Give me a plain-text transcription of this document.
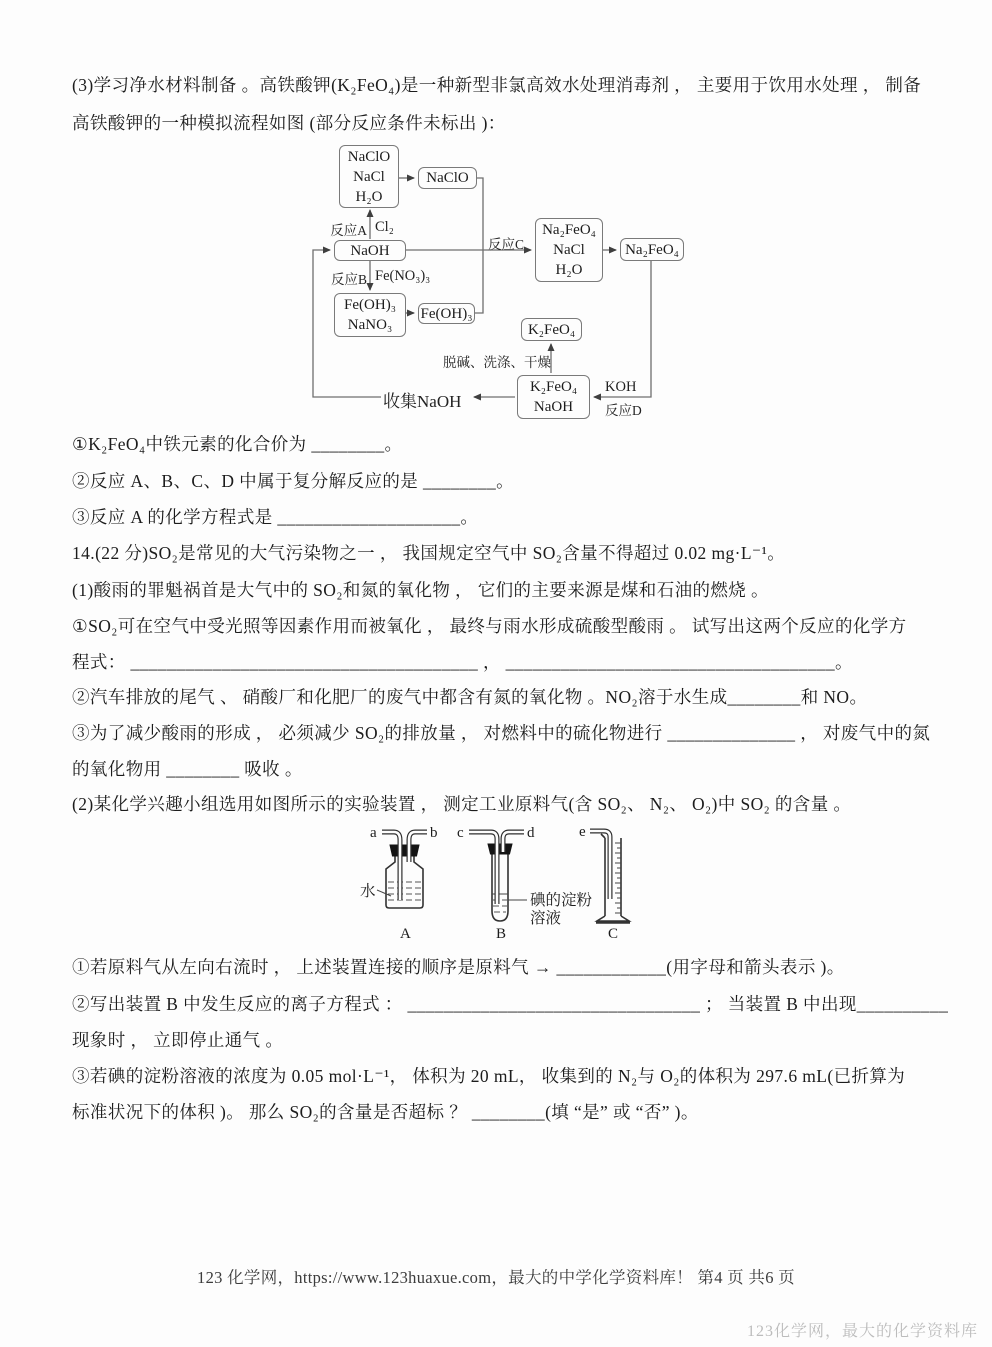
(3)学习净水材料制备 。高铁酸钾(K₂FeO₄)是一种新型非氯高效水处理消毒剂 ， 主要用于饮用水处理 ， 制备
高铁酸钾的一种模拟流程如图 (部分反应条件未标出 )：
NaClO
NaCl
H₂O
NaClO
NaOH
Na₂FeO₄
NaCl
H₂O
Na₂FeO₄
Fe(OH)₃
NaNO₃
Fe(OH)₃
K₂FeO₄
K₂FeO₄
NaOH
反应A Cl₂
反应B Fe(NO₃)₃
反应C
KOH
反应D
脱碱、洗涤、干燥
收集NaOH
①K₂FeO₄中铁元素的化合价为 ________。
②反应 A、B、C、D 中属于复分解反应的是 ________。
③反应 A 的化学方程式是 ____________________。
14.(22 分)SO₂是常见的大气污染物之一 ， 我国规定空气中 SO₂含量不得超过 0.02 mg·L⁻¹。
(1)酸雨的罪魁祸首是大气中的 SO₂和氮的氧化物 ， 它们的主要来源是煤和石油的燃烧 。
①SO₂可在空气中受光照等因素作用而被氧化 ， 最终与雨水形成硫酸型酸雨 。 试写出这两个反应的化学方
程式： ______________________________________ ， ____________________________________。
②汽车排放的尾气 、 硝酸厂和化肥厂的废气中都含有氮的氧化物 。NO₂溶于水生成________和 NO。
③为了减少酸雨的形成 ， 必须减少 SO₂的排放量 ， 对燃料中的硫化物进行 ______________ ， 对废气中的氮
的氧化物用 ________ 吸收 。
(2)某化学兴趣小组选用如图所示的实验装置 ， 测定工业原料气(含 SO₂、 N₂、 O₂)中 SO₂ 的含量 。
a	b
水
A
c	d
碘的淀粉
溶液
B
e
C
①若原料气从左向右流时 ， 上述装置连接的顺序是原料气 → ____________(用字母和箭头表示 )。
②写出装置 B 中发生反应的离子方程式 ： ________________________________ ； 当装置 B 中出现__________
现象时 ， 立即停止通气 。
③若碘的淀粉溶液的浓度为 0.05 mol·L⁻¹， 体积为 20 mL， 收集到的 N₂与 O₂的体积为 297.6 mL(已折算为
标准状况下的体积 )。 那么 SO₂的含量是否超标 ？ ________(填 “是” 或 “否” )。
123 化学网，https://www.123huaxue.com，最大的中学化学资料库！ 第4 页 共6 页
123化学网，最大的化学资料库
